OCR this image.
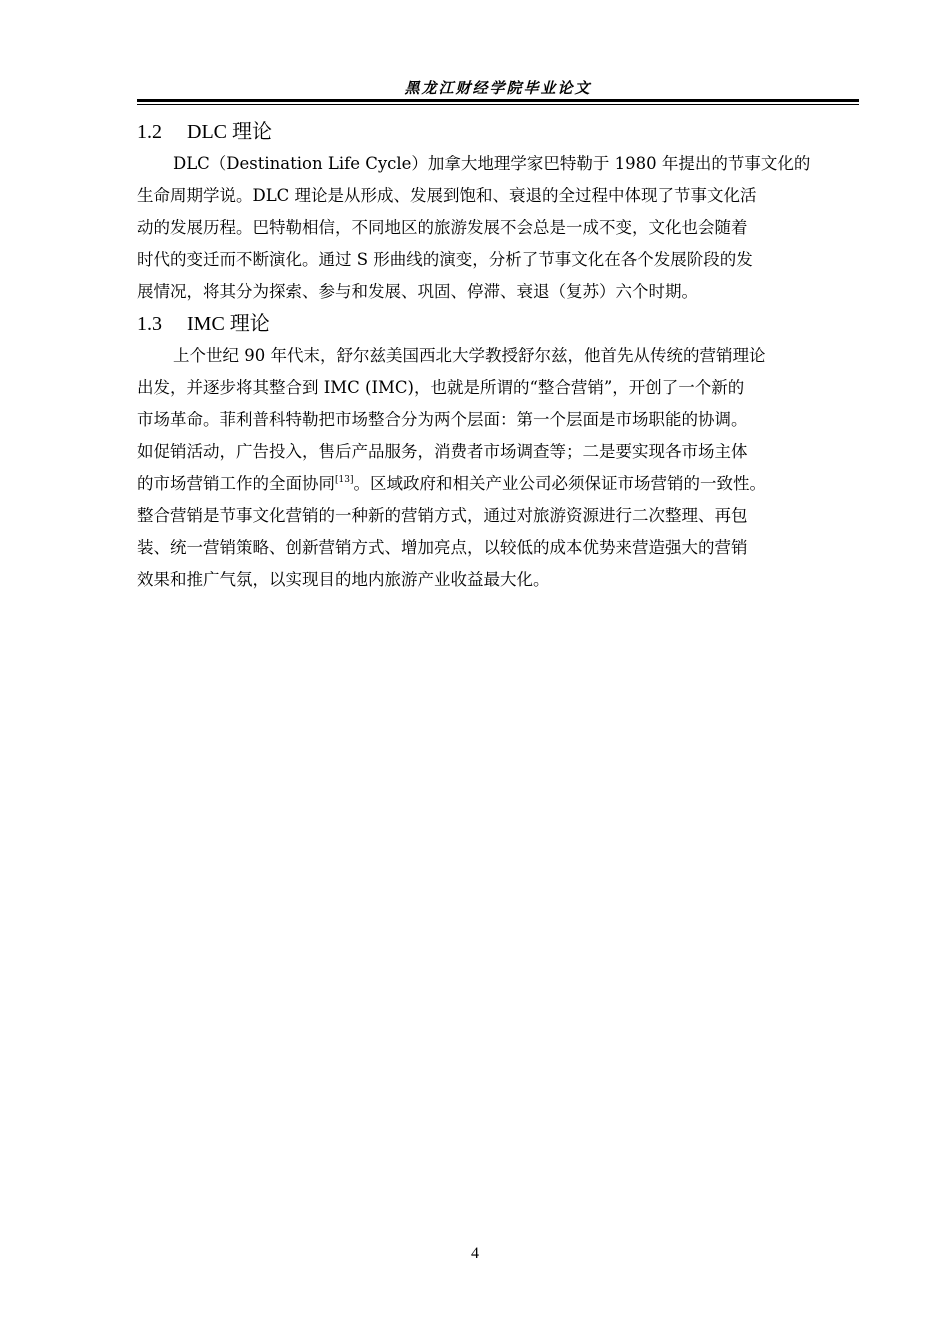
黑龙江财经学院毕业论文
1.2 DLC 理论
DLC（Destination Life Cycle）加拿大地理学家巴特勒于 1980 年提出的节事文化的
生命周期学说。DLC 理论是从形成、发展到饱和、衰退的全过程中体现了节事文化活
动的发展历程。巴特勒相信，不同地区的旅游发展不会总是一成不变，文化也会随着
时代的变迁而不断演化。通过 S 形曲线的演变，分析了节事文化在各个发展阶段的发
展情况，将其分为探索、参与和发展、巩固、停滞、衰退（复苏）六个时期。
1.3 IMC 理论
上个世纪 90 年代末，舒尔兹美国西北大学教授舒尔兹，他首先从传统的营销理论
出发，并逐步将其整合到 IMC (IMC)，也就是所谓的“整合营销”，开创了一个新的
市场革命。菲利普科特勒把市场整合分为两个层面：第一个层面是市场职能的协调。
如促销活动，广告投入，售后产品服务，消费者市场调查等；二是要实现各市场主体
的市场营销工作的全面协同[13]。区域政府和相关产业公司必须保证市场营销的一致性。
整合营销是节事文化营销的一种新的营销方式，通过对旅游资源进行二次整理、再包
装、统一营销策略、创新营销方式、增加亮点，以较低的成本优势来营造强大的营销
效果和推广气氛，以实现目的地内旅游产业收益最大化。
4
